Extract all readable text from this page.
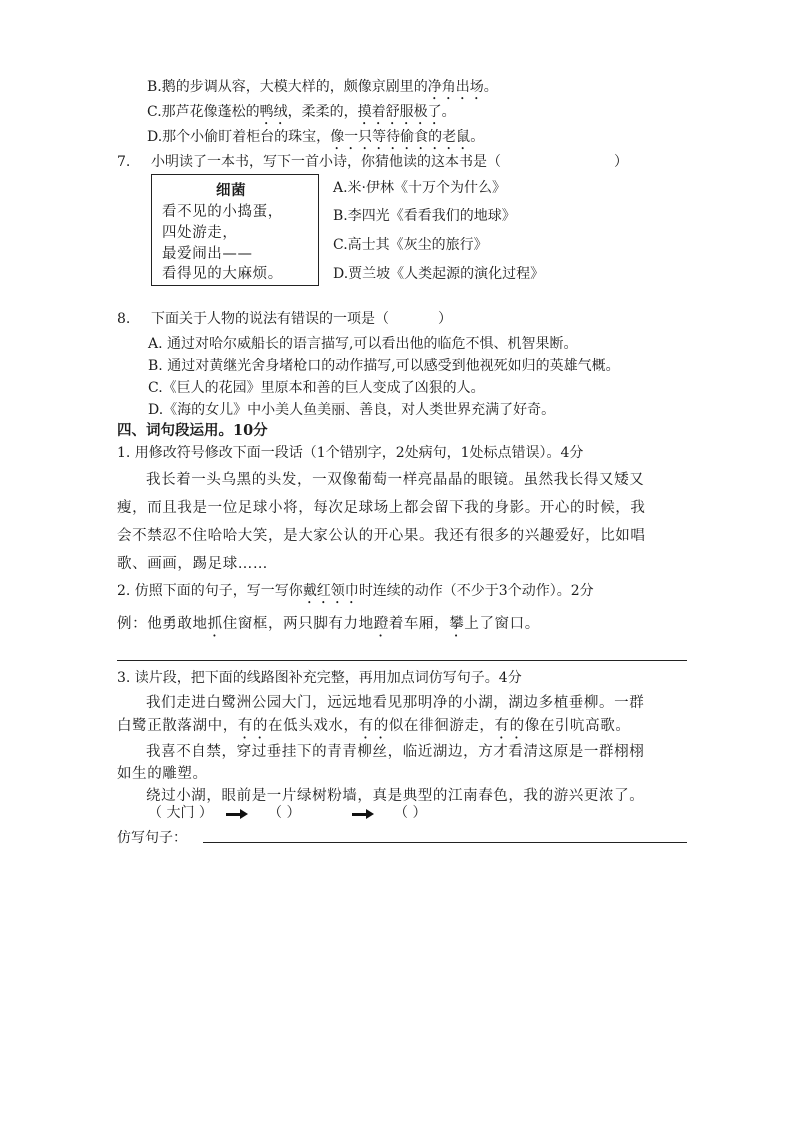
B.鹅的步调从容，大模大样的，颇像京剧里的净角出场。
C.那芦花像蓬松的鸭绒，柔柔的，摸着舒服极了。
D.那个小偷盯着柜台的珠宝，像一只等待偷食的老鼠。
7. 小明读了一本书，写下一首小诗，你猜他读的这本书是（	）
细菌
看不见的小捣蛋，
四处游走，
最爱闹出——
看得见的大麻烦。
A.米·伊林《十万个为什么》
B.李四光《看看我们的地球》
C.高士其《灰尘的旅行》
D.贾兰坡《人类起源的演化过程》
8. 下面关于人物的说法有错误的一项是（	）
A. 通过对哈尔威船长的语言描写,可以看出他的临危不惧、机智果断。
B. 通过对黄继光舍身堵枪口的动作描写,可以感受到他视死如归的英雄气概。
C.《巨人的花园》里原本和善的巨人变成了凶狠的人。
D.《海的女儿》中小美人鱼美丽、善良，对人类世界充满了好奇。
四、词句段运用。10分
1. 用修改符号修改下面一段话（1个错别字，2处病句，1处标点错误）。4分
我长着一头乌黑的头发，一双像葡萄一样亮晶晶的眼镜。虽然我长得又矮又
瘦，而且我是一位足球小将，每次足球场上都会留下我的身影。开心的时候，我
会不禁忍不住哈哈大笑，是大家公认的开心果。我还有很多的兴趣爱好，比如唱
歌、画画，踢足球……
2. 仿照下面的句子，写一写你戴红领巾时连续的动作（不少于3个动作）。2分
例：他勇敢地抓住窗框，两只脚有力地蹬着车厢，攀上了窗口。
3. 读片段，把下面的线路图补充完整，再用加点词仿写句子。4分
我们走进白鹭洲公园大门，远远地看见那明净的小湖，湖边多植垂柳。一群
白鹭正散落湖中，有的在低头戏水，有的似在徘徊游走，有的像在引吭高歌。
我喜不自禁，穿过垂挂下的青青柳丝，临近湖边，方才看清这原是一群栩栩
如生的雕塑。
绕过小湖，眼前是一片绿树粉墙，真是典型的江南春色，我的游兴更浓了。
（ 大门 ）	（ ）	（ ）
仿写句子：
